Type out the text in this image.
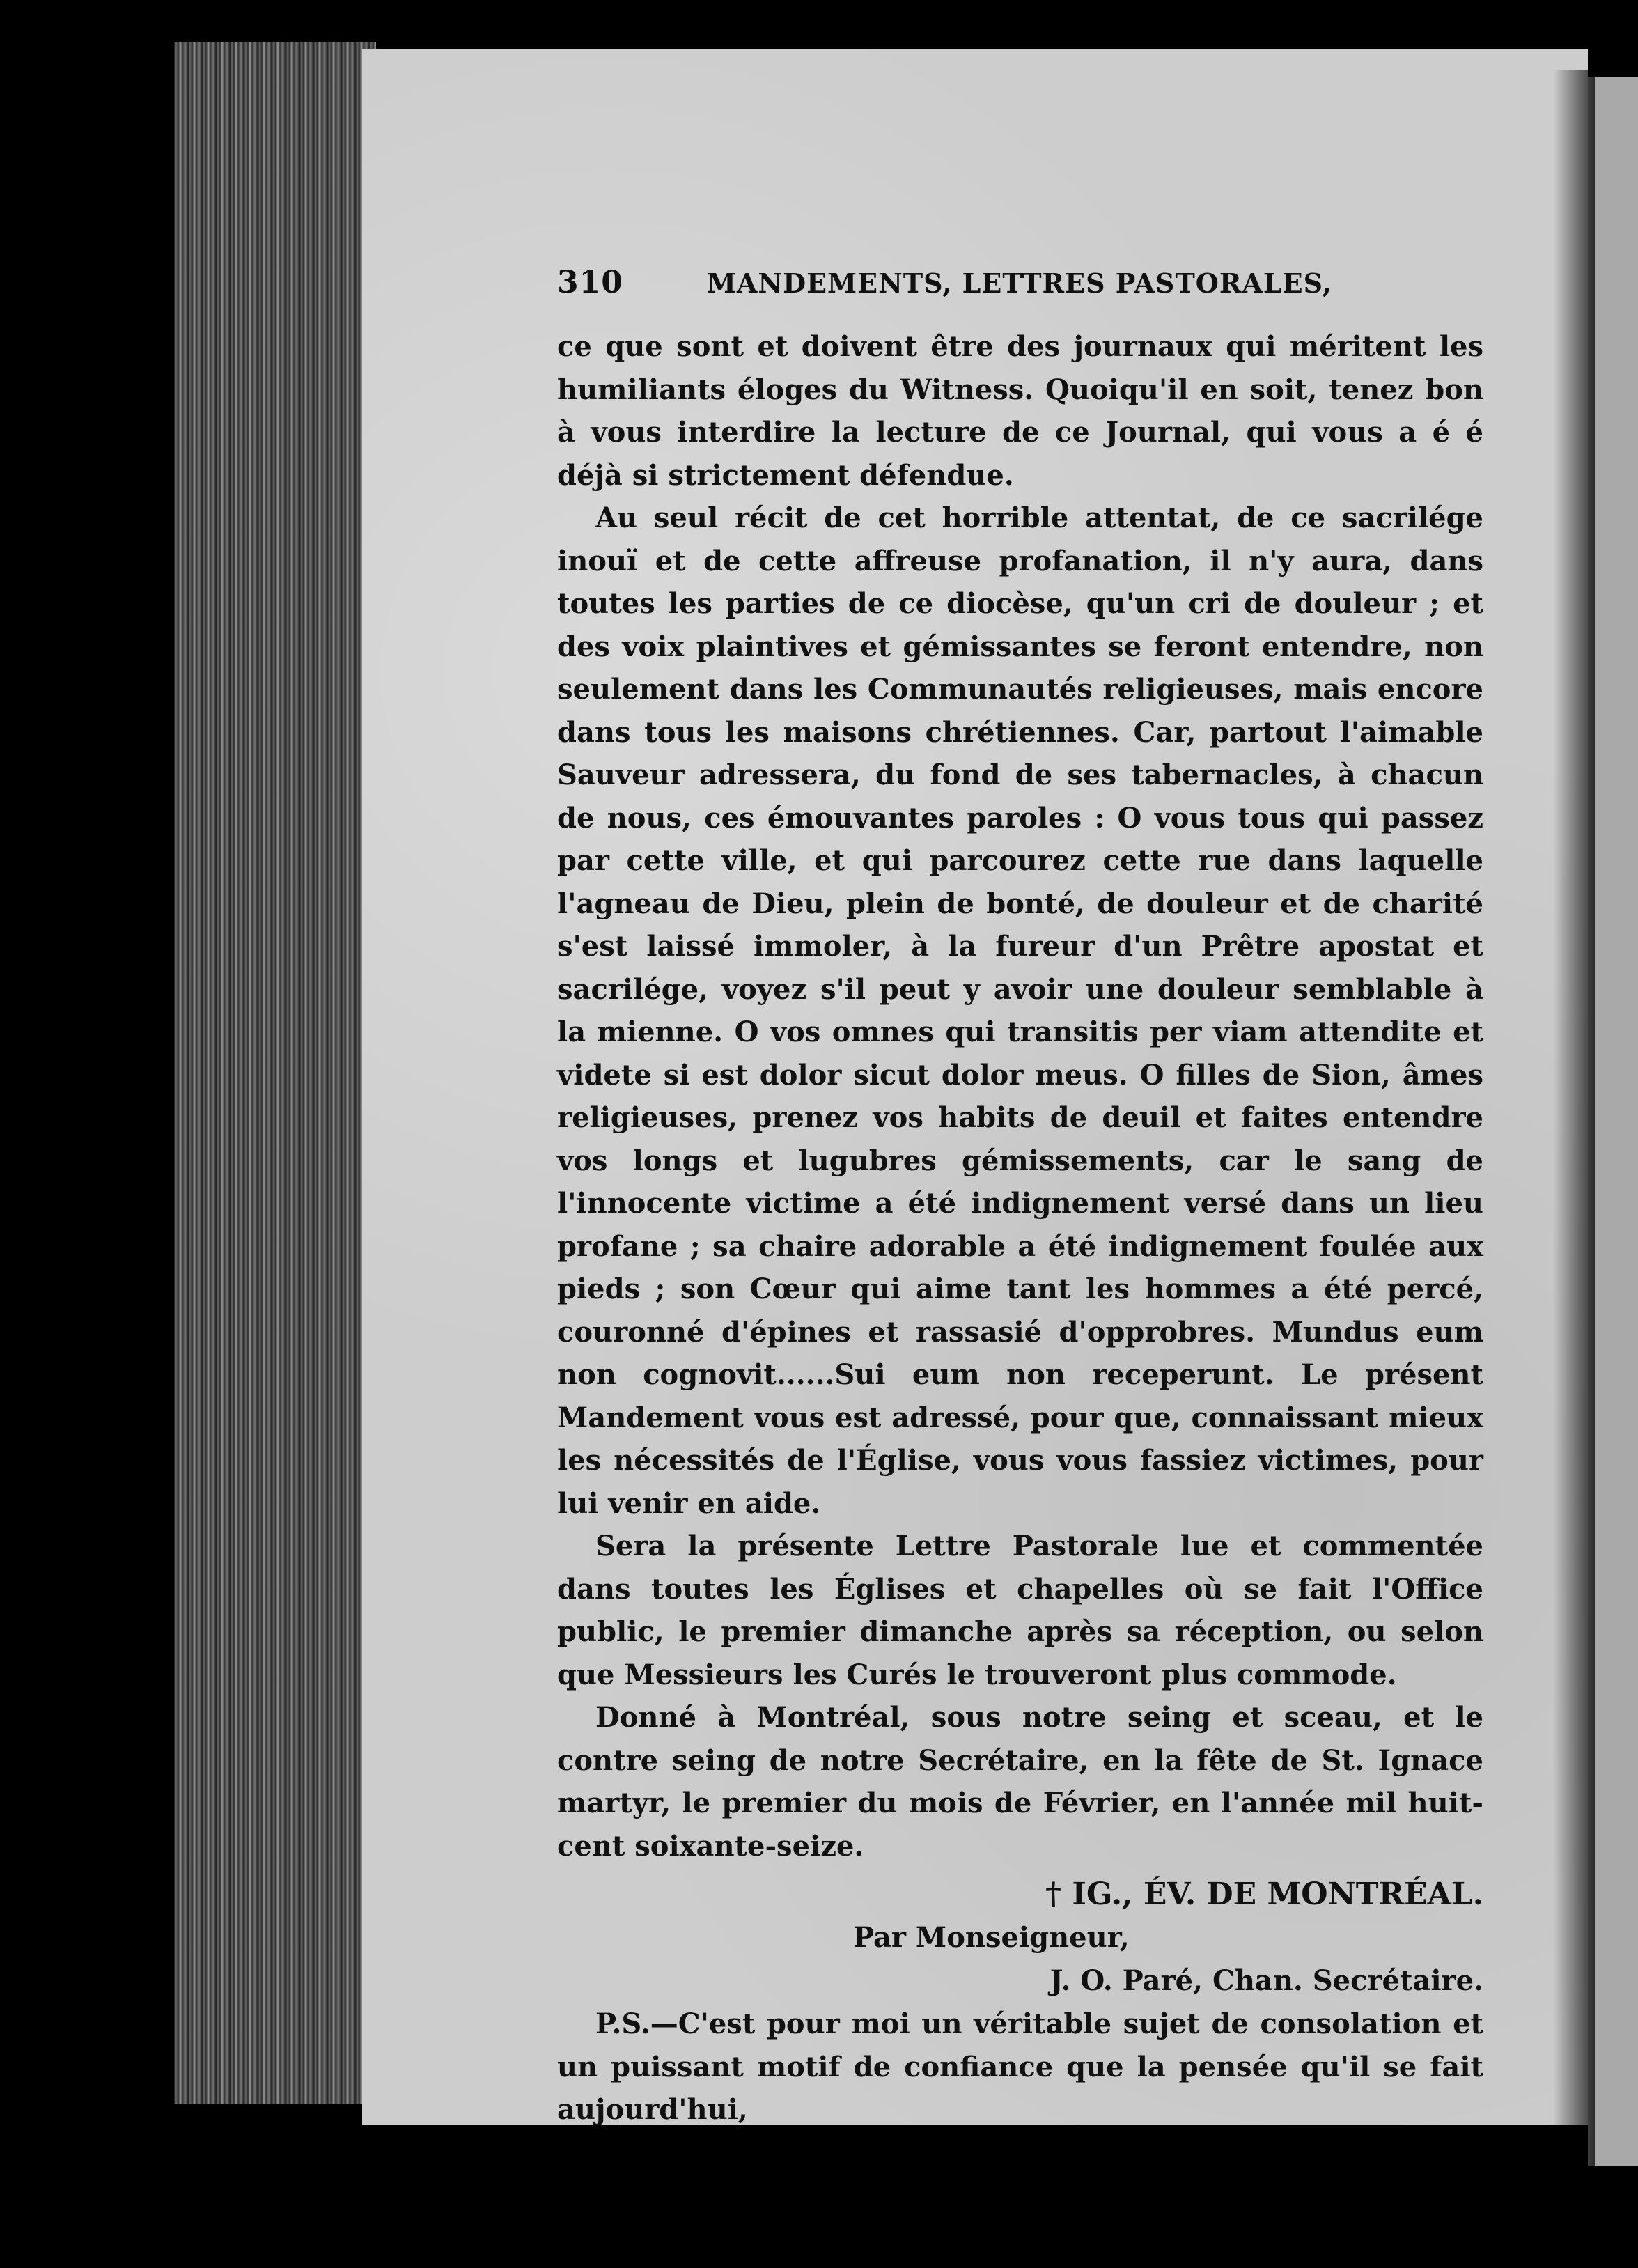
310	MANDEMENTS, LETTRES PASTORALES,

ce que sont et doivent être des journaux qui méritent les humiliants éloges du Witness. Quoiqu'il en soit, tenez bon à vous interdire la lecture de ce Journal, qui vous a é é déjà si strictement défendue.

Au seul récit de cet horrible attentat, de ce sacrilége inouï et de cette affreuse profanation, il n'y aura, dans toutes les parties de ce diocèse, qu'un cri de douleur ; et des voix plaintives et gémissantes se feront entendre, non seulement dans les Communautés religieuses, mais encore dans tous les maisons chrétiennes. Car, partout l'aimable Sauveur adressera, du fond de ses tabernacles, à chacun de nous, ces émouvantes paroles : O vous tous qui passez par cette ville, et qui parcourez cette rue dans laquelle l'agneau de Dieu, plein de bonté, de douleur et de charité s'est laissé immoler, à la fureur d'un Prêtre apostat et sacrilége, voyez s'il peut y avoir une douleur semblable à la mienne. O vos omnes qui transitis per viam attendite et videte si est dolor sicut dolor meus. O filles de Sion, âmes religieuses, prenez vos habits de deuil et faites entendre vos longs et lugubres gémissements, car le sang de l'innocente victime a été indignement versé dans un lieu profane ; sa chaire adorable a été indignement foulée aux pieds ; son Cœur qui aime tant les hommes a été percé, couronné d'épines et rassasié d'opprobres. Mundus eum non cognovit......Sui eum non receperunt. Le présent Mandement vous est adressé, pour que, connaissant mieux les nécessités de l'Église, vous vous fassiez victimes, pour lui venir en aide.

Sera la présente Lettre Pastorale lue et commentée dans toutes les Églises et chapelles où se fait l'Office public, le premier dimanche après sa réception, ou selon que Messieurs les Curés le trouveront plus commode.

Donné à Montréal, sous notre seing et sceau, et le contre seing de notre Secrétaire, en la fête de St. Ignace martyr, le premier du mois de Février, en l'année mil huit-cent soixante-seize.

† IG., ÉV. DE MONTRÉAL.

Par Monseigneur,

J. O. Paré, Chan. Secrétaire.

P.S.—C'est pour moi un véritable sujet de consolation et un puissant motif de confiance que la pensée qu'il se fait aujourd'hui,
